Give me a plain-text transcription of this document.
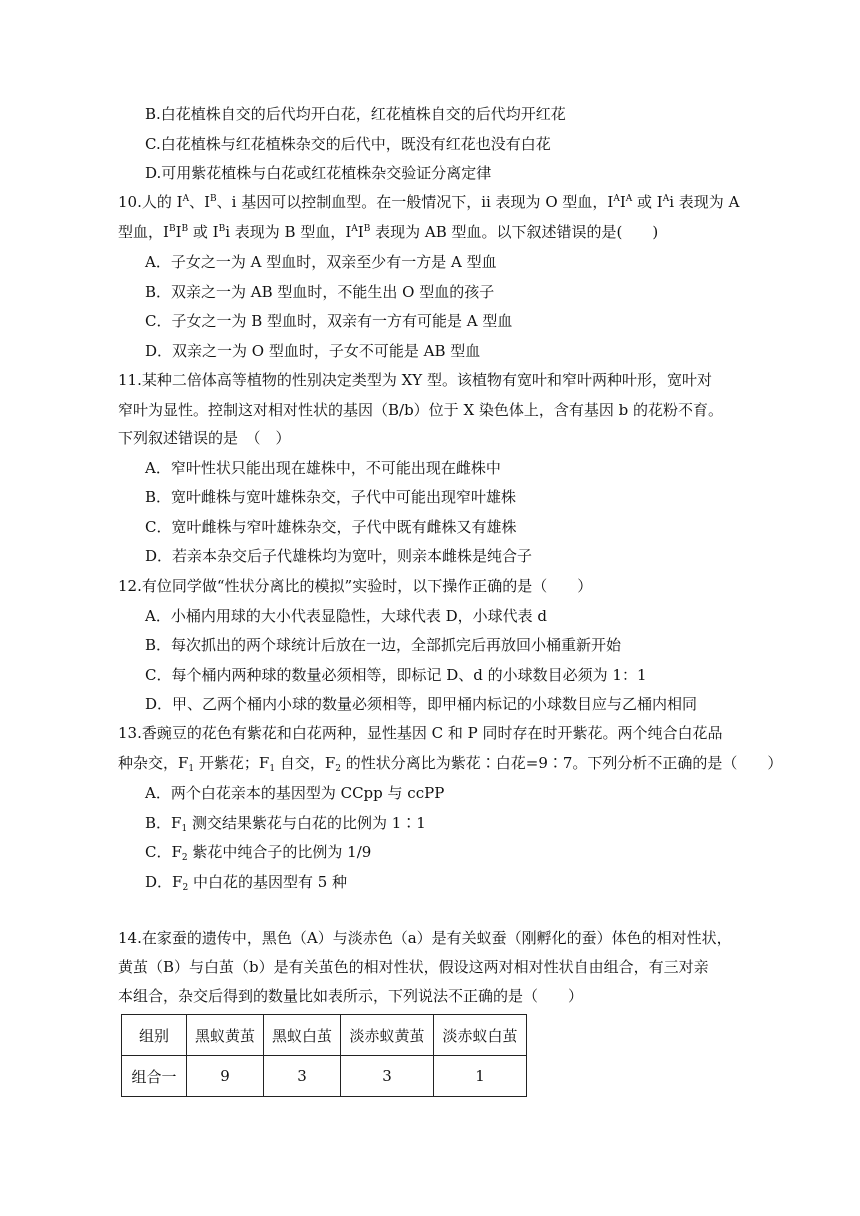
B.白花植株自交的后代均开白花，红花植株自交的后代均开红花
C.白花植株与红花植株杂交的后代中，既没有红花也没有白花
D.可用紫花植株与白花或红花植株杂交验证分离定律
10.人的 $I^A$、$I^B$、i 基因可以控制血型。在一般情况下，ii 表现为 O 型血，$I^AI^A$ 或 $I^Ai$ 表现为 A
型血，$I^BI^B$ 或 $I^Bi$ 表现为 B 型血，$I^AI^B$ 表现为 AB 型血。以下叙述错误的是(　　)
A．子女之一为 A 型血时，双亲至少有一方是 A 型血
B．双亲之一为 AB 型血时，不能生出 O 型血的孩子
C．子女之一为 B 型血时，双亲有一方有可能是 A 型血
D．双亲之一为 O 型血时，子女不可能是 AB 型血
11.某种二倍体高等植物的性别决定类型为 XY 型。该植物有宽叶和窄叶两种叶形，宽叶对
窄叶为显性。控制这对相对性状的基因（B/b）位于 X 染色体上，含有基因 b 的花粉不育。
下列叙述错误的是　（　）
A．窄叶性状只能出现在雄株中，不可能出现在雌株中
B．宽叶雌株与宽叶雄株杂交，子代中可能出现窄叶雄株
C．宽叶雌株与窄叶雄株杂交，子代中既有雌株又有雄株
D．若亲本杂交后子代雄株均为宽叶，则亲本雌株是纯合子
12.有位同学做“性状分离比的模拟”实验时，以下操作正确的是（　　）
A．小桶内用球的大小代表显隐性，大球代表 D，小球代表 d
B．每次抓出的两个球统计后放在一边，全部抓完后再放回小桶重新开始
C．每个桶内两种球的数量必须相等，即标记 D、d 的小球数目必须为 1：1
D．甲、乙两个桶内小球的数量必须相等，即甲桶内标记的小球数目应与乙桶内相同
13.香豌豆的花色有紫花和白花两种，显性基因 C 和 P 同时存在时开紫花。两个纯合白花品
种杂交，$F_1$ 开紫花；$F_1$ 自交，$F_2$ 的性状分离比为紫花∶白花=9∶7。下列分析不正确的是（　　）
A．两个白花亲本的基因型为 CCpp 与 ccPP
B．$F_1$ 测交结果紫花与白花的比例为 1∶1
C．$F_2$ 紫花中纯合子的比例为 1/9
D．$F_2$ 中白花的基因型有 5 种
14.在家蚕的遗传中，黑色（A）与淡赤色（a）是有关蚁蚕（刚孵化的蚕）体色的相对性状，
黄茧（B）与白茧（b）是有关茧色的相对性状，假设这两对相对性状自由组合，有三对亲
本组合，杂交后得到的数量比如表所示，下列说法不正确的是（　　）
组别	黑蚁黄茧	黑蚁白茧	淡赤蚁黄茧	淡赤蚁白茧
组合一	9	3	3	1
